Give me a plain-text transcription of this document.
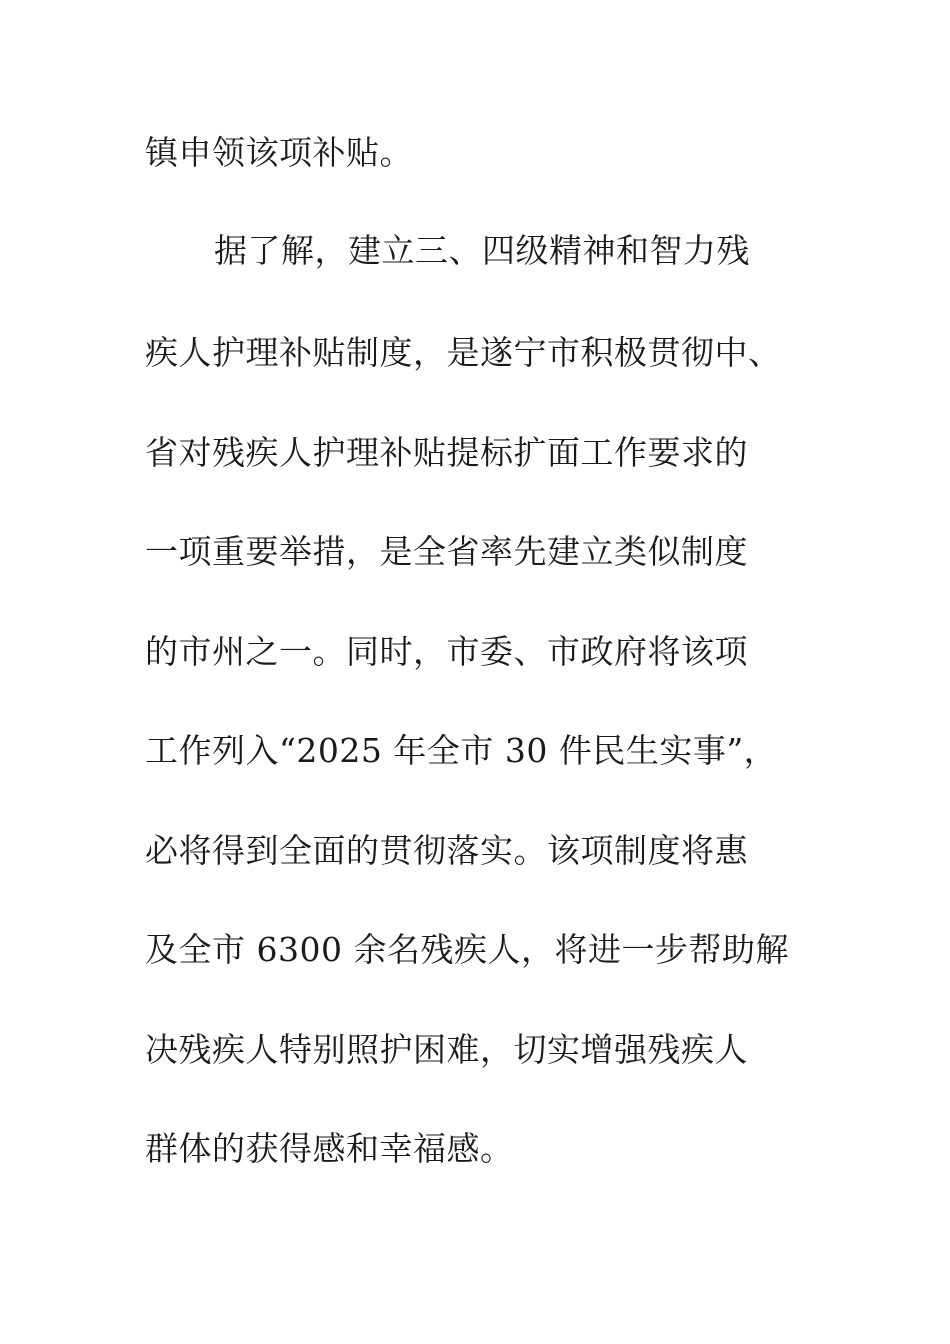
镇申领该项补贴。
据了解，建立三、四级精神和智力残
疾人护理补贴制度，是遂宁市积极贯彻中、
省对残疾人护理补贴提标扩面工作要求的
一项重要举措，是全省率先建立类似制度
的市州之一。同时，市委、市政府将该项
工作列入“2025 年全市 30 件民生实事”，
必将得到全面的贯彻落实。该项制度将惠
及全市 6300 余名残疾人，将进一步帮助解
决残疾人特别照护困难，切实增强残疾人
群体的获得感和幸福感。
